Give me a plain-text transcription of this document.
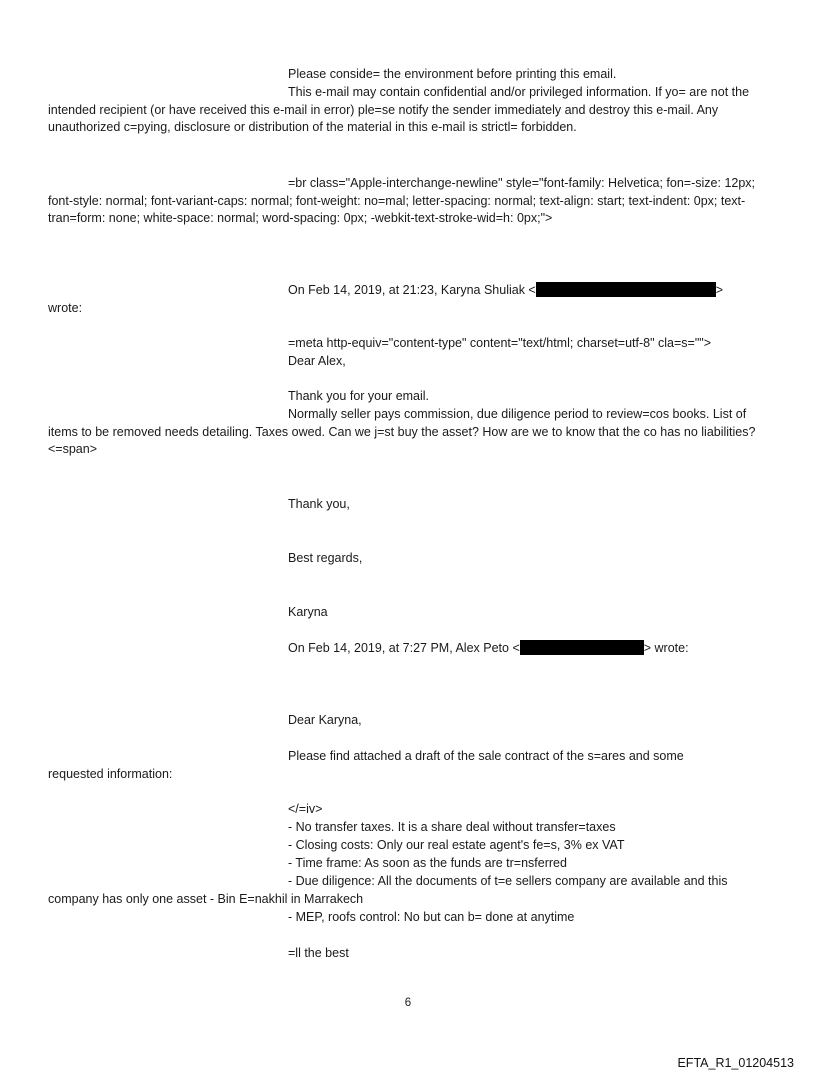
Please conside= the environment before printing this email.
This e-mail may contain confidential and/or privileged information. If yo= are not the intended recipient (or have received this e-mail in error) ple=se notify the sender immediately and destroy this e-mail. Any unauthorized c=pying, disclosure or distribution of the material in this e-mail is strictl= forbidden.
=br class="Apple-interchange-newline" style="font-family: Helvetica; fon=-size: 12px; font-style: normal; font-variant-caps: normal; font-weight: no=mal; letter-spacing: normal; text-align: start; text-indent: 0px; text-tran=form: none; white-space: normal; word-spacing: 0px; -webkit-text-stroke-wid=h: 0px;">
On Feb 14, 2019, at 21:23, Karyna Shuliak <	>
wrote:
=meta http-equiv="content-type" content="text/html; charset=utf-8" cla=s="">
Dear Alex,
Thank you for your email.
Normally seller pays commission, due diligence period to review=cos books. List of items to be removed needs detailing. Taxes owed. Can we j=st buy the asset? How are we to know that the co has no liabilities? <=span>
Thank you,
Best regards,
Karyna
On Feb 14, 2019, at 7:27 PM, Alex Peto <	> wrote:
Dear Karyna,
Please find attached a draft of the sale contract of the s=ares and some
requested information:
</=iv>
- No transfer taxes. It is a share deal without transfer=taxes
- Closing costs: Only our real estate agent's fe=s, 3% ex VAT
- Time frame: As soon as the funds are tr=nsferred
- Due diligence: All the documents of t=e sellers company are available and this
company has only one asset - Bin E=nakhil in Marrakech
- MEP, roofs control: No but can b= done at anytime
=ll the best
6
EFTA_R1_01204513
